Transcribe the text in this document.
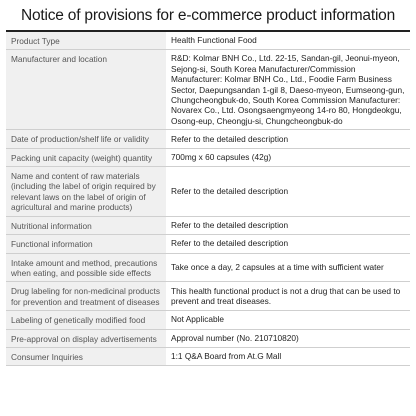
Notice of provisions for e-commerce product information
Product Type	Health Functional Food
Manufacturer and location	R&D: Kolmar BNH Co., Ltd. 22-15, Sandan-gil, Jeonui-myeon, Sejong-si, South Korea Manufacturer/Commission Manufacturer: Kolmar BNH Co., Ltd., Foodie Farm Business Sector, Daepungsandan 1-gil 8, Daeso-myeon, Eumseong-gun, Chungcheongbuk-do, South Korea Commission Manufacturer: Novarex Co., Ltd. Osongsaengmyeong 14-ro 80, Hongdeokgu, Osong-eup, Cheongju-si, Chungcheongbuk-do
Date of production/shelf life or validity	Refer to the detailed description
Packing unit capacity (weight) quantity	700mg x 60 capsules (42g)
Name and content of raw materials (including the label of origin required by relevant laws on the label of origin of agricultural and marine products)	Refer to the detailed description
Nutritional information	Refer to the detailed description
Functional information	Refer to the detailed description
Intake amount and method, precautions when eating, and possible side effects	Take once a day, 2 capsules at a time with sufficient water
Drug labeling for non-medicinal products for prevention and treatment of diseases	This health functional product is not a drug that can be used to prevent and treat diseases.
Labeling of genetically modified food	Not Applicable
Pre-approval on display advertisements	Approval number (No. 210710820)
Consumer Inquiries	1:1 Q&A Board from At.G Mall
